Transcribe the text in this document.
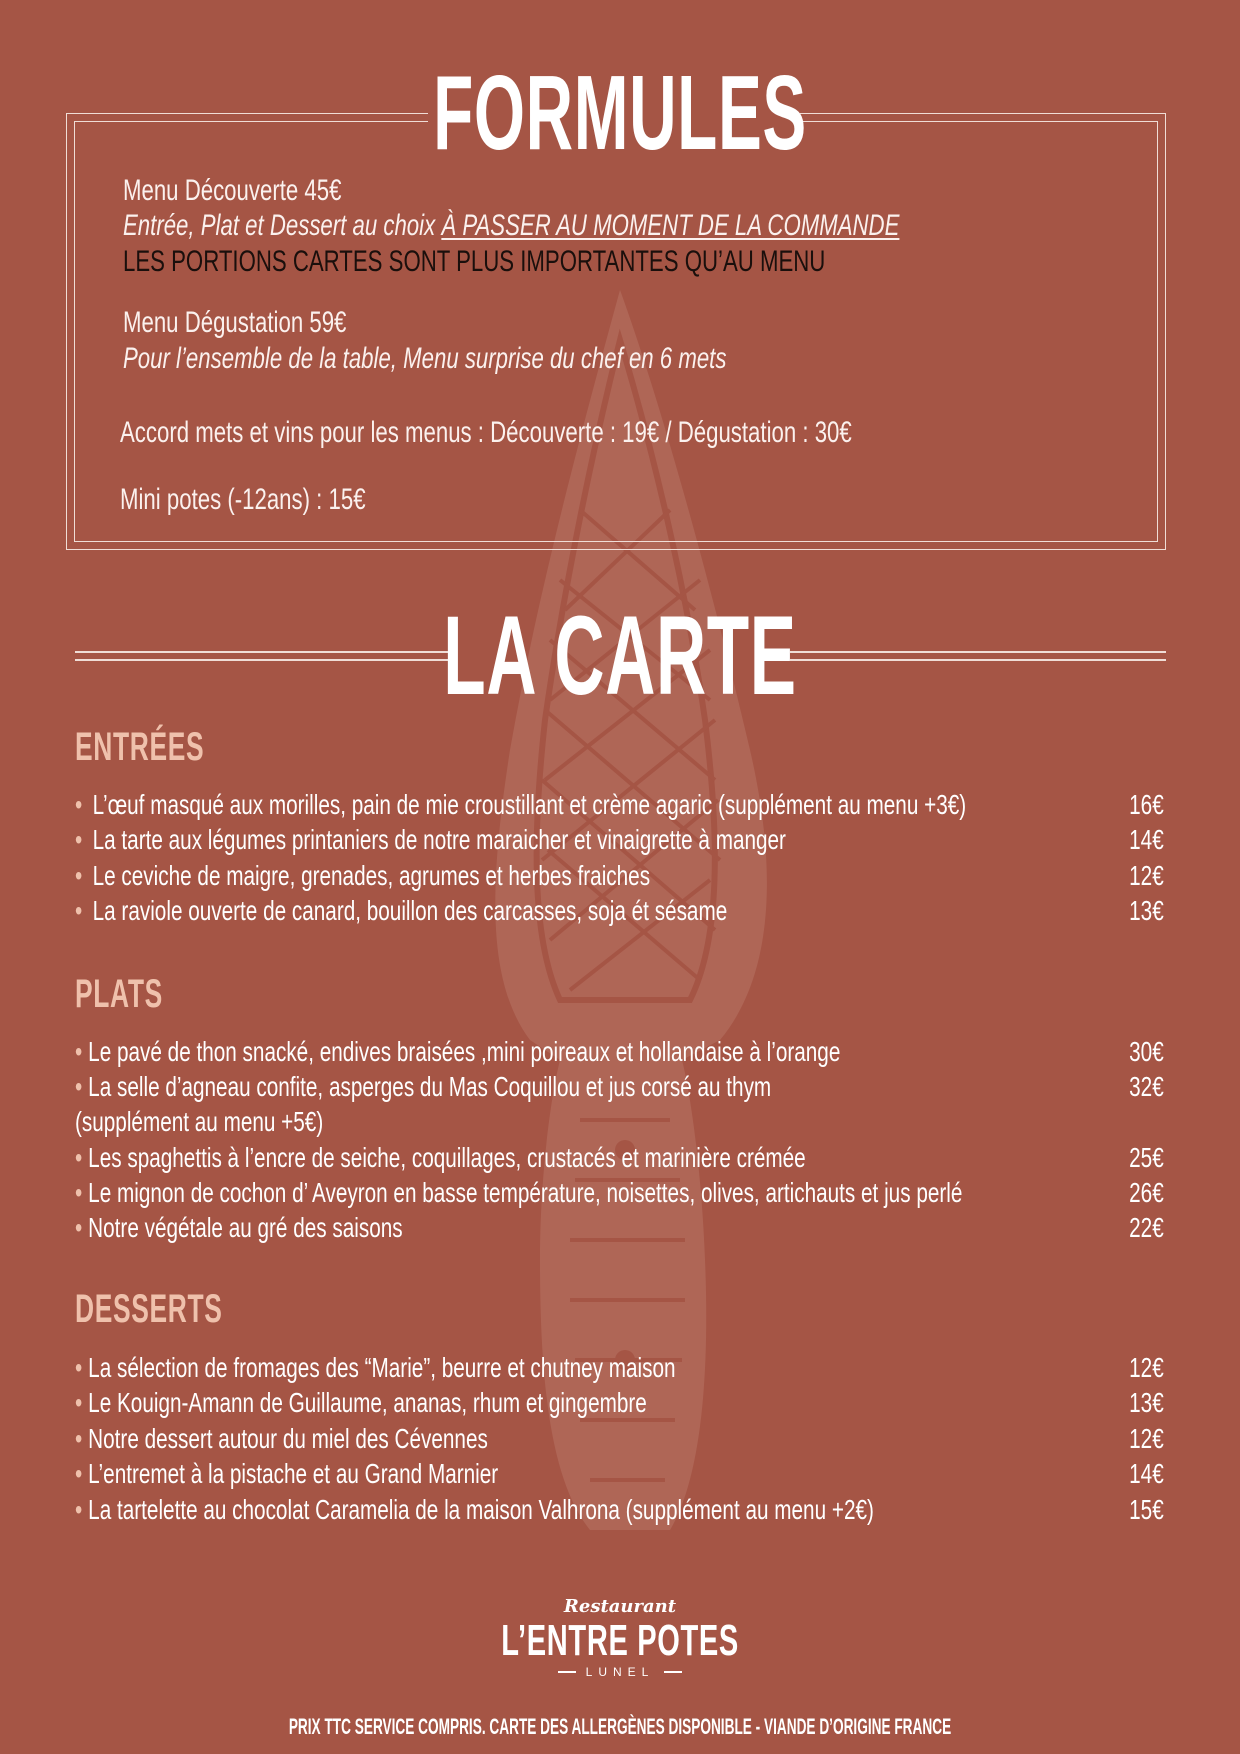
FORMULES
Menu Découverte 45€
Entrée, Plat et Dessert au choix À PASSER AU MOMENT DE LA COMMANDE
LES PORTIONS CARTES SONT PLUS IMPORTANTES QU’AU MENU
Menu Dégustation 59€
Pour l’ensemble de la table, Menu surprise du chef en 6 mets
Accord mets et vins pour les menus : Découverte : 19€ / Dégustation : 30€
Mini potes (-12ans) : 15€
LA CARTE
ENTRÉES
• L’œuf masqué aux morilles, pain de mie croustillant et crème agaric (supplément au menu +3€)	16€
• La tarte aux légumes printaniers de notre maraicher et vinaigrette à manger	14€
• Le ceviche de maigre, grenades, agrumes et herbes fraiches	12€
• La raviole ouverte de canard, bouillon des carcasses, soja ét sésame	13€
PLATS
• Le pavé de thon snacké, endives braisées ,mini poireaux et hollandaise à l’orange	30€
• La selle d’agneau confite, asperges du Mas Coquillou et jus corsé au thym	32€
(supplément au menu +5€)
• Les spaghettis à l’encre de seiche, coquillages, crustacés et marinière crémée	25€
• Le mignon de cochon d’ Aveyron en basse température, noisettes, olives, artichauts et jus perlé	26€
• Notre végétale au gré des saisons	22€
DESSERTS
• La sélection de fromages des “Marie”, beurre et chutney maison	12€
• Le Kouign-Amann de Guillaume, ananas, rhum et gingembre	13€
• Notre dessert autour du miel des Cévennes	12€
• L’entremet à la pistache et au Grand Marnier	14€
• La tartelette au chocolat Caramelia de la maison Valhrona (supplément au menu +2€)	15€
Restaurant
L’ENTRE POTES
LUNEL
PRIX TTC SERVICE COMPRIS. CARTE DES ALLERGÈNES DISPONIBLE - VIANDE D’ORIGINE FRANCE
